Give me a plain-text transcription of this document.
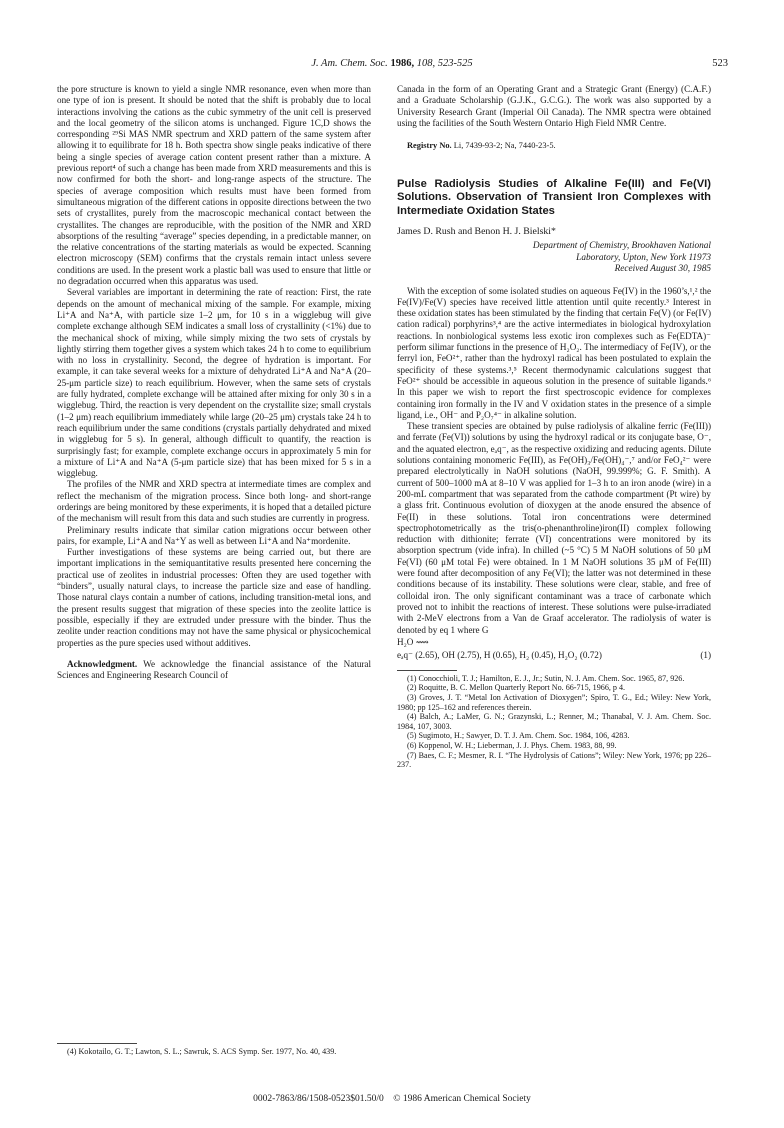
J. Am. Chem. Soc. 1986, 108, 523-525	523

the pore structure is known to yield a single NMR resonance, even when more than one type of ion is present. It should be noted that the shift is probably due to local interactions involving the cations as the cubic symmetry of the unit cell is preserved and the local geometry of the silicon atoms is unchanged. Figure 1C,D shows the corresponding ²⁹Si MAS NMR spectrum and XRD pattern of the same system after allowing it to equilibrate for 18 h. Both spectra show single peaks indicative of there being a single species of average cation content present rather than a mixture. A previous report⁴ of such a change has been made from XRD measurements and this is now confirmed for both the short- and long-range aspects of the structure. The species of average composition which results must have been formed from simultaneous migration of the different cations in opposite directions between the two sets of crystallites, purely from the macroscopic mechanical contact between the crystallites. The changes are reproducible, with the position of the NMR and XRD absorptions of the resulting “average” species depending, in a predictable manner, on the relative concentrations of the starting materials as would be expected. Scanning electron microscopy (SEM) confirms that the crystals remain intact unless severe conditions are used. In the present work a plastic ball was used to ensure that little or no degradation occurred when this apparatus was used.

Several variables are important in determining the rate of reaction: First, the rate depends on the amount of mechanical mixing of the sample. For example, mixing Li⁺A and Na⁺A, with particle size 1–2 μm, for 10 s in a wigglebug will give complete exchange although SEM indicates a small loss of crystallinity (<1%) due to the mechanical shock of mixing, while simply mixing the two sets of crystals by lightly stirring them together gives a system which takes 24 h to come to equilibrium with no loss in crystallinity. Second, the degree of hydration is important. For example, it can take several weeks for a mixture of dehydrated Li⁺A and Na⁺A (20–25-μm particle size) to reach equilibrium. However, when the same sets of crystals are fully hydrated, complete exchange will be attained after mixing for only 30 s in a wigglebug. Third, the reaction is very dependent on the crystallite size; small crystals (1–2 μm) reach equilibrium immediately while large (20–25 μm) crystals take 24 h to reach equilibrium under the same conditions (crystals partially dehydrated and mixed in wigglebug for 5 s). In general, although difficult to quantify, the reaction is surprisingly fast; for example, complete exchange occurs in approximately 5 min for a mixture of Li⁺A and Na⁺A (5-μm particle size) that has been mixed for 5 s in a wigglebug.

The profiles of the NMR and XRD spectra at intermediate times are complex and reflect the mechanism of the migration process. Since both long- and short-range orderings are being monitored by these experiments, it is hoped that a detailed picture of the mechanism will result from this data and such studies are currently in progress.

Preliminary results indicate that similar cation migrations occur between other pairs, for example, Li⁺A and Na⁺Y as well as between Li⁺A and Na⁺mordenite.

Further investigations of these systems are being carried out, but there are important implications in the semiquantitative results presented here concerning the practical use of zeolites in industrial processes: Often they are used together with “binders”, usually natural clays, to increase the particle size and ease of handling. Those natural clays contain a number of cations, including transition-metal ions, and the present results suggest that migration of these species into the zeolite lattice is possible, especially if they are extruded under pressure with the binder. Thus the zeolite under reaction conditions may not have the same physical or physicochemical properties as the pure species used without additives.

Acknowledgment. We acknowledge the financial assistance of the Natural Sciences and Engineering Research Council of

(4) Kokotailo, G. T.; Lawton, S. L.; Sawruk, S. ACS Symp. Ser. 1977, No. 40, 439.

Canada in the form of an Operating Grant and a Strategic Grant (Energy) (C.A.F.) and a Graduate Scholarship (G.J.K., G.C.G.). The work was also supported by a University Research Grant (Imperial Oil Canada). The NMR spectra were obtained using the facilities of the South Western Ontario High Field NMR Centre.

Registry No. Li, 7439-93-2; Na, 7440-23-5.

Pulse Radiolysis Studies of Alkaline Fe(III) and Fe(VI) Solutions. Observation of Transient Iron Complexes with Intermediate Oxidation States
James D. Rush and Benon H. J. Bielski*
Department of Chemistry, Brookhaven National
Laboratory, Upton, New York 11973
Received August 30, 1985

With the exception of some isolated studies on aqueous Fe(IV) in the 1960’s,¹,² the Fe(IV)/Fe(V) species have received little attention until quite recently.³ Interest in these oxidation states has been stimulated by the finding that certain Fe(V) (or Fe(IV) cation radical) porphyrins³,⁴ are the active intermediates in biological hydroxylation reactions. In nonbiological systems less exotic iron complexes such as Fe(EDTA)⁻ perform silimar functions in the presence of H₂O₂. The intermediacy of Fe(IV), or the ferryl ion, FeO²⁺, rather than the hydroxyl radical has been postulated to explain the specificity of these systems.³,⁵ Recent thermodynamic calculations suggest that FeO²⁺ should be accessible in aqueous solution in the presence of suitable ligands.⁶ In this paper we wish to report the first spectroscopic evidence for complexes containing iron formally in the IV and V oxidation states in the presence of a simple ligand, i.e., OH⁻ and P₂O₇⁴⁻ in alkaline solution.

These transient species are obtained by pulse radiolysis of alkaline ferric (Fe(III)) and ferrate (Fe(VI)) solutions by using the hydroxyl radical or its conjugate base, O⁻, and the aquated electron, eₐq⁻, as the respective oxidizing and reducing agents. Dilute solutions containing monomeric Fe(III), as Fe(OH)₃/Fe(OH)₄⁻,⁷ and/or FeO₄²⁻ were prepared electrolytically in NaOH solutions (NaOH, 99.999%; G. F. Smith). A current of 500–1000 mA at 8–10 V was applied for 1–3 h to an iron anode (wire) in a 200-mL compartment that was separated from the cathode compartment (Pt wire) by a glass frit. Continuous evolution of dioxygen at the anode ensured the absence of Fe(II) in these solutions. Total iron concentrations were determined spectrophotometrically as the tris(o-phenanthroline)iron(II) complex following reduction with dithionite; ferrate (VI) concentrations were monitored by its absorption spectrum (vide infra). In chilled (~5 °C) 5 M NaOH solutions of 50 μM Fe(VI) (60 μM total Fe) were obtained. In 1 M NaOH solutions 35 μM of Fe(III) were found after decomposition of any Fe(VI); the latter was not determined in these conditions because of its instability. These solutions were clear, stable, and free of colloidal iron. The only significant contaminant was a trace of carbonate which proved not to inhibit the reactions of interest. These solutions were pulse-irradiated with 2-MeV electrons from a Van de Graaf accelerator. The radiolysis of water is denoted by eq 1 where G

H₂O ⟿
eₐq⁻ (2.65), OH (2.75), H (0.65), H₂ (0.45), H₂O₂ (0.72)	(1)

(1) Conocchioli, T. J.; Hamilton, E. J., Jr.; Sutin, N. J. Am. Chem. Soc. 1965, 87, 926.

(2) Roquitte, B. C. Mellon Quarterly Report No. 66-715, 1966, p 4.

(3) Groves, J. T. “Metal Ion Activation of Dioxygen”; Spiro, T. G., Ed.; Wiley: New York, 1980; pp 125–162 and references therein.

(4) Balch, A.; LaMer, G. N.; Grazynski, L.; Renner, M.; Thanabal, V. J. Am. Chem. Soc. 1984, 107, 3003.

(5) Sugimoto, H.; Sawyer, D. T. J. Am. Chem. Soc. 1984, 106, 4283.

(6) Koppenol, W. H.; Lieberman, J. J. Phys. Chem. 1983, 88, 99.

(7) Baes, C. F.; Mesmer, R. I. “The Hydrolysis of Cations”; Wiley: New York, 1976; pp 226–237.

0002-7863/86/1508-0523$01.50/0 © 1986 American Chemical Society
